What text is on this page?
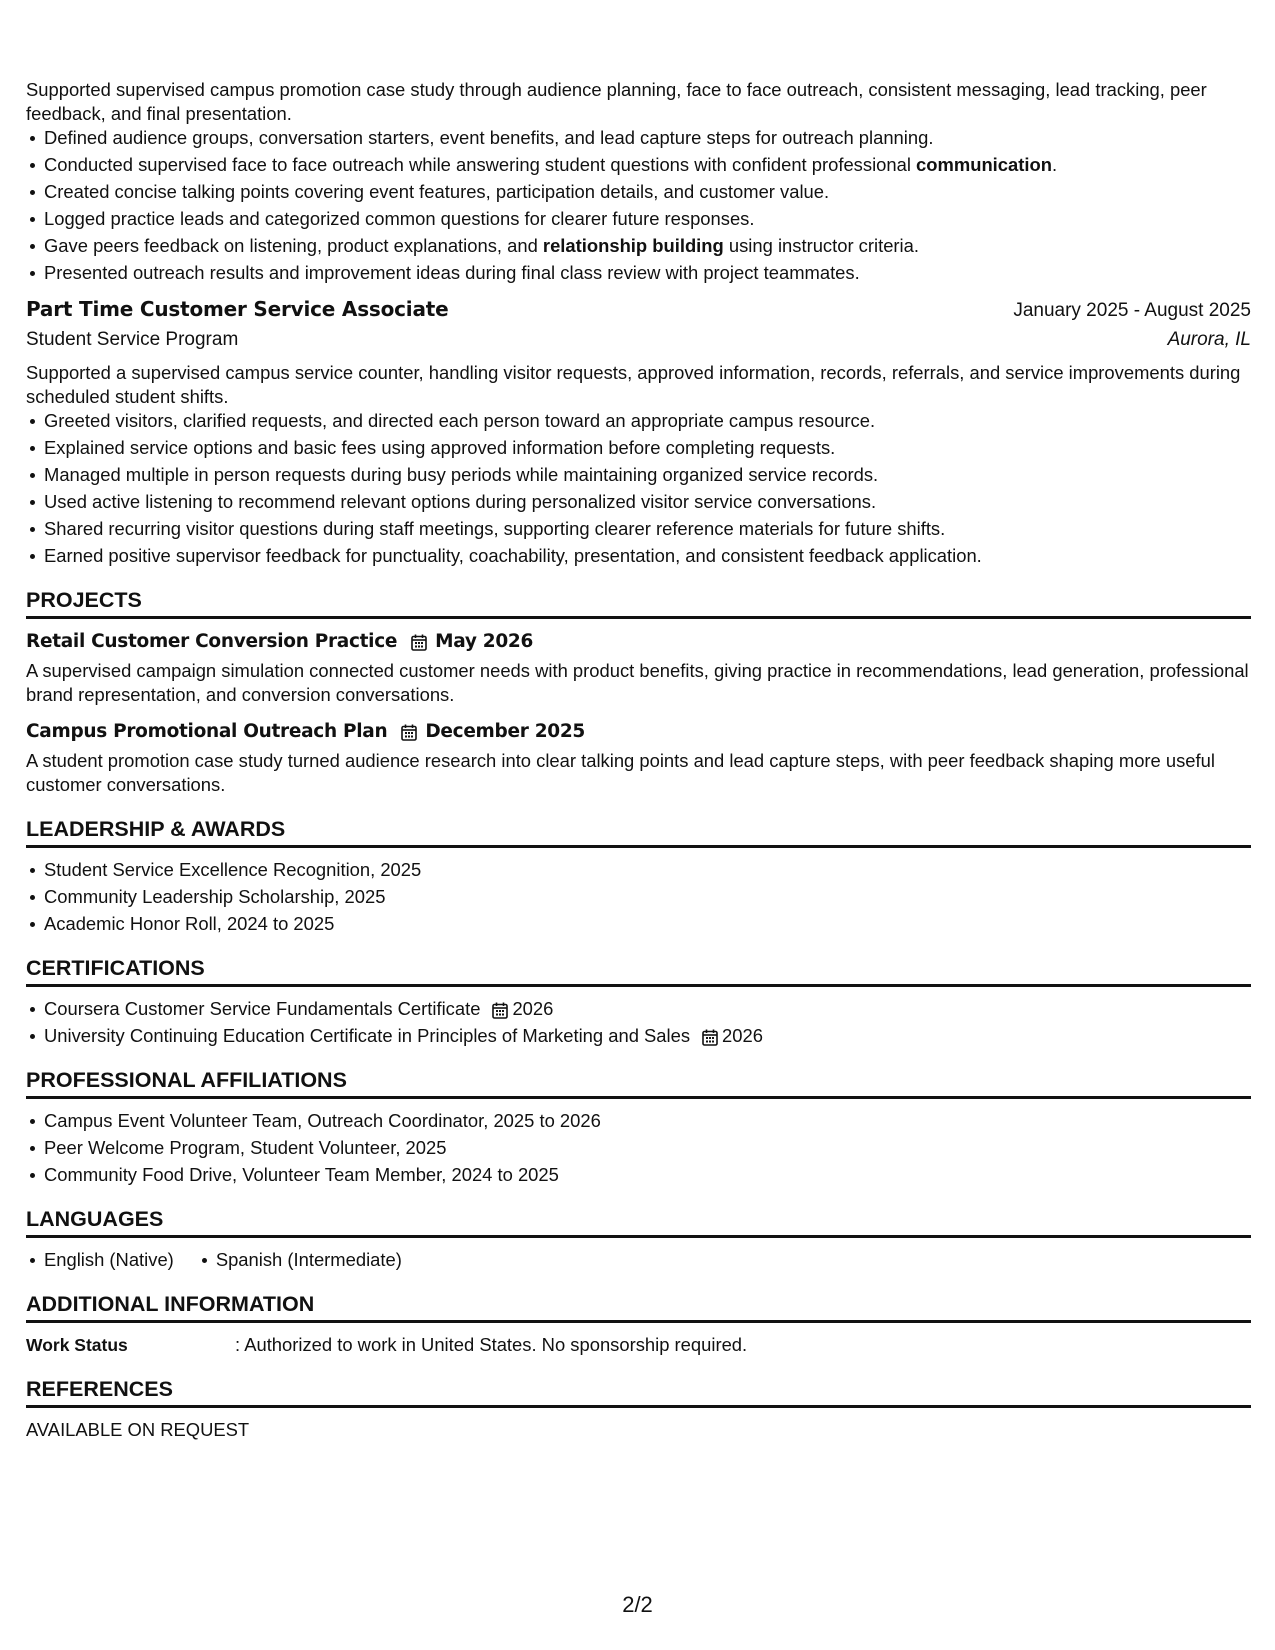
Supported supervised campus promotion case study through audience planning, face to face outreach, consistent messaging, lead tracking, peer feedback, and final presentation.

Defined audience groups, conversation starters, event benefits, and lead capture steps for outreach planning.
Conducted supervised face to face outreach while answering student questions with confident professional communication.
Created concise talking points covering event features, participation details, and customer value.
Logged practice leads and categorized common questions for clearer future responses.
Gave peers feedback on listening, product explanations, and relationship building using instructor criteria.
Presented outreach results and improvement ideas during final class review with project teammates.
Part Time Customer Service Associate	January 2025 - August 2025
Student Service Program	Aurora, IL

Supported a supervised campus service counter, handling visitor requests, approved information, records, referrals, and service improvements during scheduled student shifts.

Greeted visitors, clarified requests, and directed each person toward an appropriate campus resource.
Explained service options and basic fees using approved information before completing requests.
Managed multiple in person requests during busy periods while maintaining organized service records.
Used active listening to recommend relevant options during personalized visitor service conversations.
Shared recurring visitor questions during staff meetings, supporting clearer reference materials for future shifts.
Earned positive supervisor feedback for punctuality, coachability, presentation, and consistent feedback application.
PROJECTS
Retail Customer Conversion Practice May 2026

A supervised campaign simulation connected customer needs with product benefits, giving practice in recommendations, lead generation, professional brand representation, and conversion conversations.

Campus Promotional Outreach Plan December 2025

A student promotion case study turned audience research into clear talking points and lead capture steps, with peer feedback shaping more useful customer conversations.

LEADERSHIP & AWARDS
Student Service Excellence Recognition, 2025
Community Leadership Scholarship, 2025
Academic Honor Roll, 2024 to 2025
CERTIFICATIONS
Coursera Customer Service Fundamentals Certificate 2026
University Continuing Education Certificate in Principles of Marketing and Sales 2026
PROFESSIONAL AFFILIATIONS
Campus Event Volunteer Team, Outreach Coordinator, 2025 to 2026
Peer Welcome Program, Student Volunteer, 2025
Community Food Drive, Volunteer Team Member, 2024 to 2025
LANGUAGES
English (Native) Spanish (Intermediate)
ADDITIONAL INFORMATION
Work Status	: Authorized to work in United States. No sponsorship required.
REFERENCES

AVAILABLE ON REQUEST

2/2
